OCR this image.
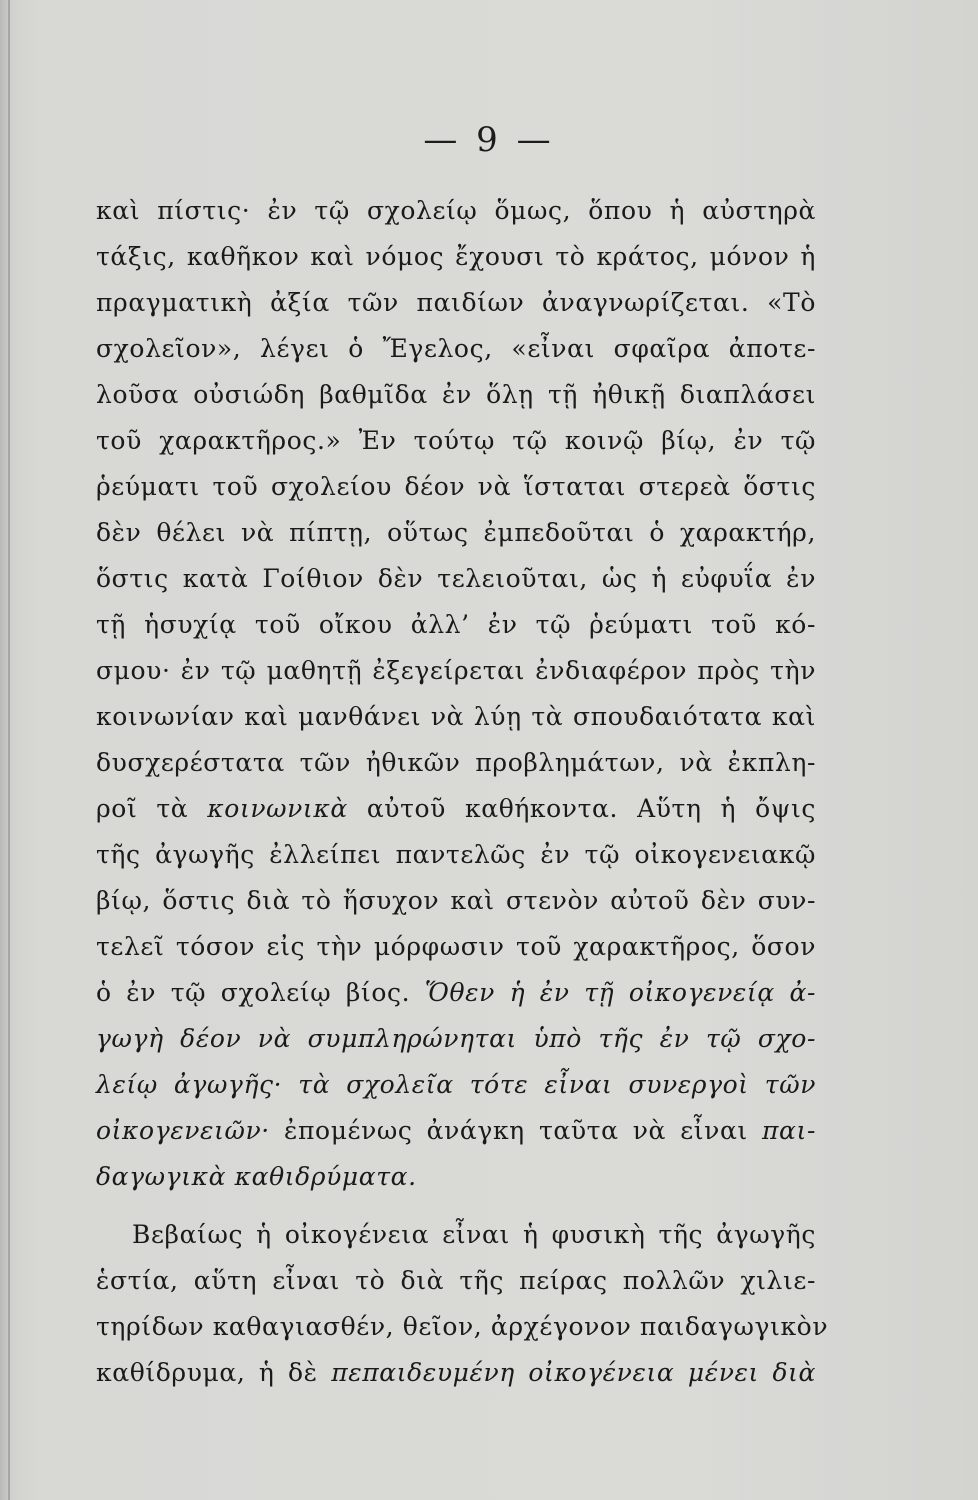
— 9 —
καὶ πίστις· ἐν τῷ σχολείῳ ὅμως, ὅπου ἡ αὐστηρὰ
τάξις, καθῆκον καὶ νόμος ἔχουσι τὸ κράτος, μόνον ἡ
πραγματικὴ ἀξία τῶν παιδίων ἀναγνωρίζεται. «Τὸ
σχολεῖον», λέγει ὁ Ἔγελος, «εἶναι σφαῖρα ἀποτε-
λοῦσα οὐσιώδη βαθμῖδα ἐν ὅλῃ τῇ ἠθικῇ διαπλάσει
τοῦ χαρακτῆρος.» Ἐν τούτῳ τῷ κοινῷ βίῳ, ἐν τῷ
ῥεύματι τοῦ σχολείου δέον νὰ ἵσταται στερεὰ ὅστις
δὲν θέλει νὰ πίπτῃ, οὕτως ἐμπεδοῦται ὁ χαρακτήρ,
ὅστις κατὰ Γοίθιον δὲν τελειοῦται, ὡς ἡ εὐφυΐα ἐν
τῇ ἡσυχίᾳ τοῦ οἴκου ἀλλ’ ἐν τῷ ῥεύματι τοῦ κό-
σμου· ἐν τῷ μαθητῇ ἐξεγείρεται ἐνδιαφέρον πρὸς τὴν
κοινωνίαν καὶ μανθάνει νὰ λύῃ τὰ σπουδαιότατα καὶ
δυσχερέστατα τῶν ἠθικῶν προβλημάτων, νὰ ἐκπλη-
ροῖ τὰ κοινωνικὰ αὐτοῦ καθήκοντα. Αὕτη ἡ ὄψις
τῆς ἀγωγῆς ἐλλείπει παντελῶς ἐν τῷ οἰκογενειακῷ
βίῳ, ὅστις διὰ τὸ ἥσυχον καὶ στενὸν αὐτοῦ δὲν συν-
τελεῖ τόσον εἰς τὴν μόρφωσιν τοῦ χαρακτῆρος, ὅσον
ὁ ἐν τῷ σχολείῳ βίος. Ὅθεν ἡ ἐν τῇ οἰκογενείᾳ ἀ-
γωγὴ δέον νὰ συμπληρώνηται ὑπὸ τῆς ἐν τῷ σχο-
λείῳ ἀγωγῆς· τὰ σχολεῖα τότε εἶναι συνεργοὶ τῶν
οἰκογενειῶν· ἐπομένως ἀνάγκη ταῦτα νὰ εἶναι παι-
δαγωγικὰ καθιδρύματα.
Βεβαίως ἡ οἰκογένεια εἶναι ἡ φυσικὴ τῆς ἀγωγῆς
ἑστία, αὕτη εἶναι τὸ διὰ τῆς πείρας πολλῶν χιλιε-
τηρίδων καθαγιασθέν, θεῖον, ἀρχέγονον παιδαγωγικὸν
καθίδρυμα, ἡ δὲ πεπαιδευμένη οἰκογένεια μένει διὰ
